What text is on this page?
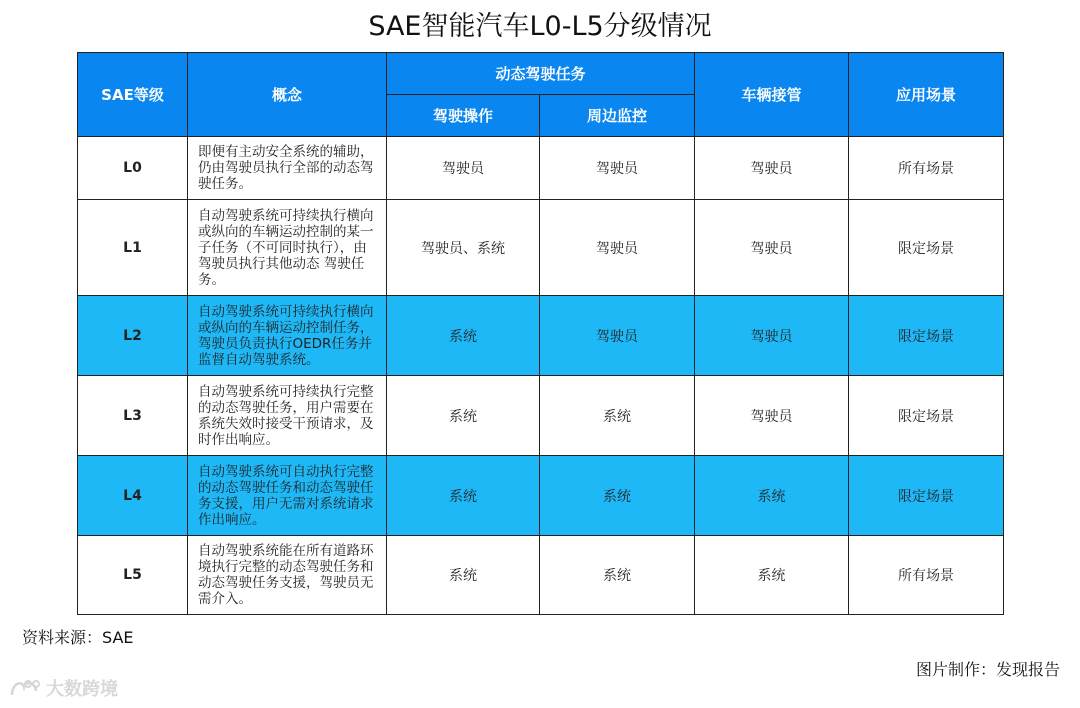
SAE智能汽车L0-L5分级情况
SAE等级	概念	动态驾驶任务		车辆接管	应用场景
		驾驶操作	周边监控		
L0	即便有主动安全系统的辅助，仍由驾驶员执行全部的动态驾驶任务。	驾驶员	驾驶员	驾驶员	所有场景
L1	自动驾驶系统可持续执行横向或纵向的车辆运动控制的某一子任务（不可同时执行），由驾驶员执行其他动态 驾驶任务。	驾驶员、系统	驾驶员	驾驶员	限定场景
L2	自动驾驶系统可持续执行横向或纵向的车辆运动控制任务，驾驶员负责执行OEDR任务并监督自动驾驶系统。	系统	驾驶员	驾驶员	限定场景
L3	自动驾驶系统可持续执行完整的动态驾驶任务，用户需要在系统失效时接受干预请求，及时作出响应。	系统	系统	驾驶员	限定场景
L4	自动驾驶系统可自动执行完整的动态驾驶任务和动态驾驶任务支援，用户无需对系统请求作出响应。	系统	系统	系统	限定场景
L5	自动驾驶系统能在所有道路环境执行完整的动态驾驶任务和动态驾驶任务支援，驾驶员无需介入。	系统	系统	系统	所有场景
资料来源：SAE
图片制作：发现报告
大数跨境
